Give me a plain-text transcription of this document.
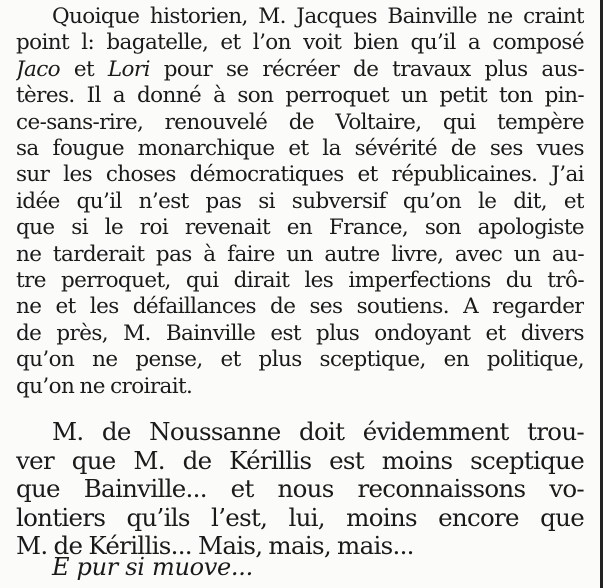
Quoique historien, M. Jacques Bainville ne craint
point l: bagatelle, et l’on voit bien qu’il a composé
Jaco et Lori pour se récréer de travaux plus aus-
tères. Il a donné à son perroquet un petit ton pin-
ce-sans-rire, renouvelé de Voltaire, qui tempère
sa fougue monarchique et la sévérité de ses vues
sur les choses démocratiques et républicaines. J’ai
idée qu’il n’est pas si subversif qu’on le dit, et
que si le roi revenait en France, son apologiste
ne tarderait pas à faire un autre livre, avec un au-
tre perroquet, qui dirait les imperfections du trô-
ne et les défaillances de ses soutiens. A regarder
de près, M. Bainville est plus ondoyant et divers
qu’on ne pense, et plus sceptique, en politique,
qu’on ne croirait.
M. de Noussanne doit évidemment trou-
ver que M. de Kérillis est moins sceptique
que Bainville... et nous reconnaissons vo-
lontiers qu’ils l’est, lui, moins encore que
M. de Kérillis... Mais, mais, mais...
E pur si muove...
